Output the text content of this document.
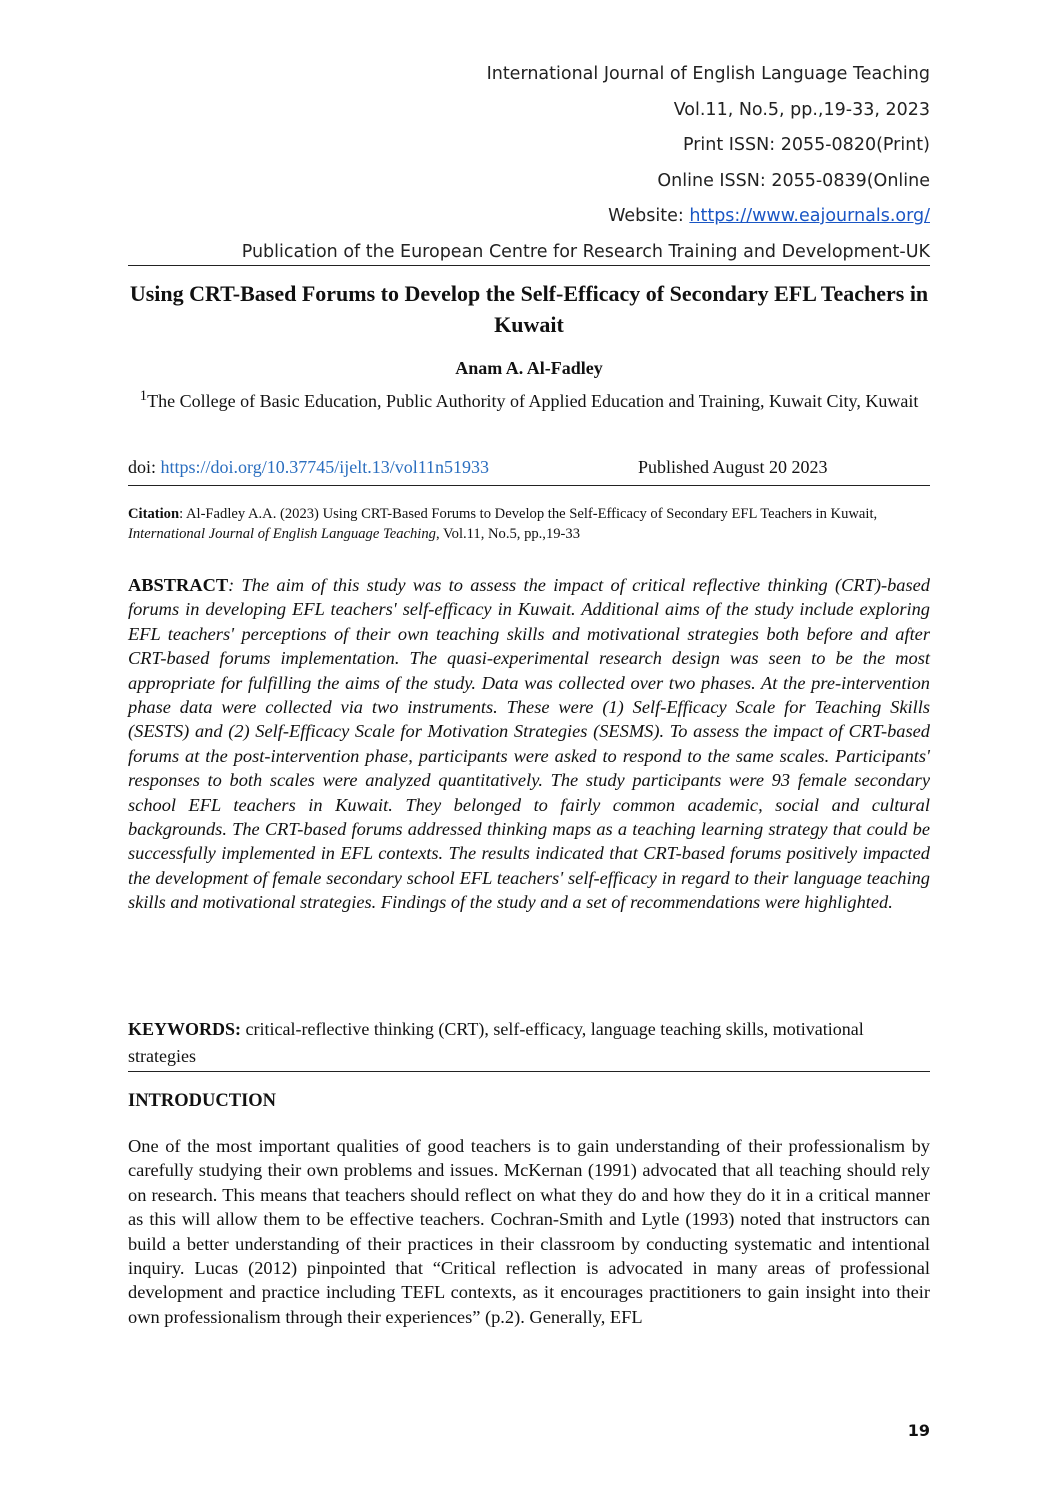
International Journal of English Language Teaching
Vol.11, No.5, pp.,19-33, 2023
Print ISSN: 2055-0820(Print)
Online ISSN: 2055-0839(Online
Website: https://www.eajournals.org/
Publication of the European Centre for Research Training and Development-UK
Using CRT-Based Forums to Develop the Self-Efficacy of Secondary EFL Teachers in Kuwait
Anam A. Al-Fadley
$^1$The College of Basic Education, Public Authority of Applied Education and Training, Kuwait City, Kuwait
doi: https://doi.org/10.37745/ijelt.13/vol11n51933	Published August 20 2023
Citation: Al-Fadley A.A. (2023) Using CRT-Based Forums to Develop the Self-Efficacy of Secondary EFL Teachers in Kuwait, International Journal of English Language Teaching, Vol.11, No.5, pp.,19-33
ABSTRACT: The aim of this study was to assess the impact of critical reflective thinking (CRT)-based forums in developing EFL teachers' self-efficacy in Kuwait. Additional aims of the study include exploring EFL teachers' perceptions of their own teaching skills and motivational strategies both before and after CRT-based forums implementation. The quasi-experimental research design was seen to be the most appropriate for fulfilling the aims of the study. Data was collected over two phases. At the pre-intervention phase data were collected via two instruments. These were (1) Self-Efficacy Scale for Teaching Skills (SESTS) and (2) Self-Efficacy Scale for Motivation Strategies (SESMS). To assess the impact of CRT-based forums at the post-intervention phase, participants were asked to respond to the same scales. Participants' responses to both scales were analyzed quantitatively. The study participants were 93 female secondary school EFL teachers in Kuwait. They belonged to fairly common academic, social and cultural backgrounds. The CRT-based forums addressed thinking maps as a teaching learning strategy that could be successfully implemented in EFL contexts. The results indicated that CRT-based forums positively impacted the development of female secondary school EFL teachers' self-efficacy in regard to their language teaching skills and motivational strategies. Findings of the study and a set of recommendations were highlighted.
KEYWORDS: critical-reflective thinking (CRT), self-efficacy, language teaching skills, motivational strategies
INTRODUCTION
One of the most important qualities of good teachers is to gain understanding of their professionalism by carefully studying their own problems and issues. McKernan (1991) advocated that all teaching should rely on research. This means that teachers should reflect on what they do and how they do it in a critical manner as this will allow them to be effective teachers. Cochran-Smith and Lytle (1993) noted that instructors can build a better understanding of their practices in their classroom by conducting systematic and intentional inquiry. Lucas (2012) pinpointed that “Critical reflection is advocated in many areas of professional development and practice including TEFL contexts, as it encourages practitioners to gain insight into their own professionalism through their experiences” (p.2). Generally, EFL
19
